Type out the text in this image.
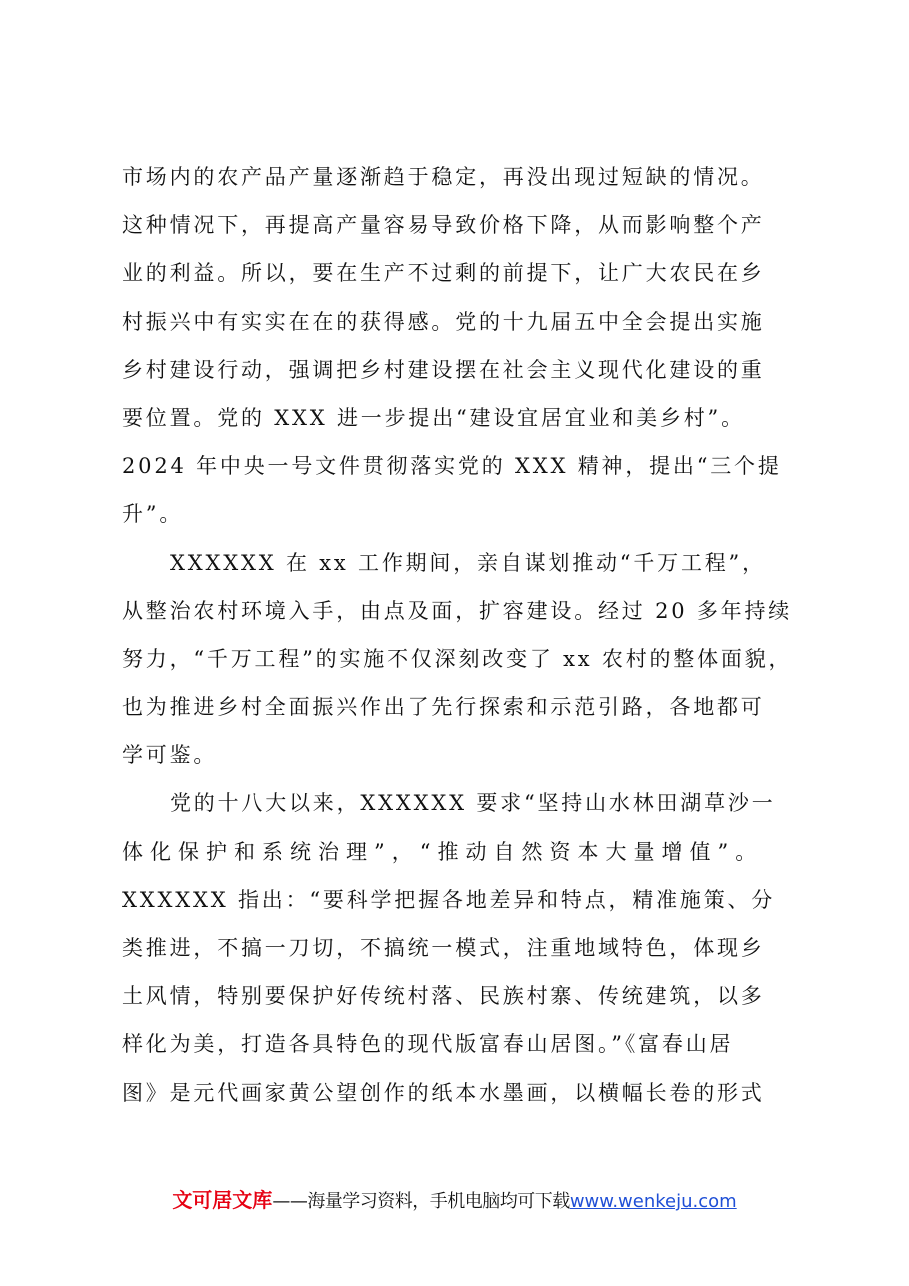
市场内的农产品产量逐渐趋于稳定，再没出现过短缺的情况。
这种情况下，再提高产量容易导致价格下降，从而影响整个产
业的利益。所以，要在生产不过剩的前提下，让广大农民在乡
村振兴中有实实在在的获得感。党的十九届五中全会提出实施
乡村建设行动，强调把乡村建设摆在社会主义现代化建设的重
要位置。党的 XXX 进一步提出“建设宜居宜业和美乡村”。
2024 年中央一号文件贯彻落实党的 XXX 精神，提出“三个提
升”。
XXXXXX 在 xx 工作期间，亲自谋划推动“千万工程”，
从整治农村环境入手，由点及面，扩容建设。经过 20 多年持续
努力，“千万工程”的实施不仅深刻改变了 xx 农村的整体面貌，
也为推进乡村全面振兴作出了先行探索和示范引路，各地都可
学可鉴。
党的十八大以来，XXXXXX 要求“坚持山水林田湖草沙一
体化保护和系统治理”，“推动自然资本大量增值”。
XXXXXX 指出：“要科学把握各地差异和特点，精准施策、分
类推进，不搞一刀切，不搞统一模式，注重地域特色，体现乡
土风情，特别要保护好传统村落、民族村寨、传统建筑，以多
样化为美，打造各具特色的现代版富春山居图。”《富春山居
图》是元代画家黄公望创作的纸本水墨画，以横幅长卷的形式
文可居文库——海量学习资料，手机电脑均可下载www.wenkeju.com
